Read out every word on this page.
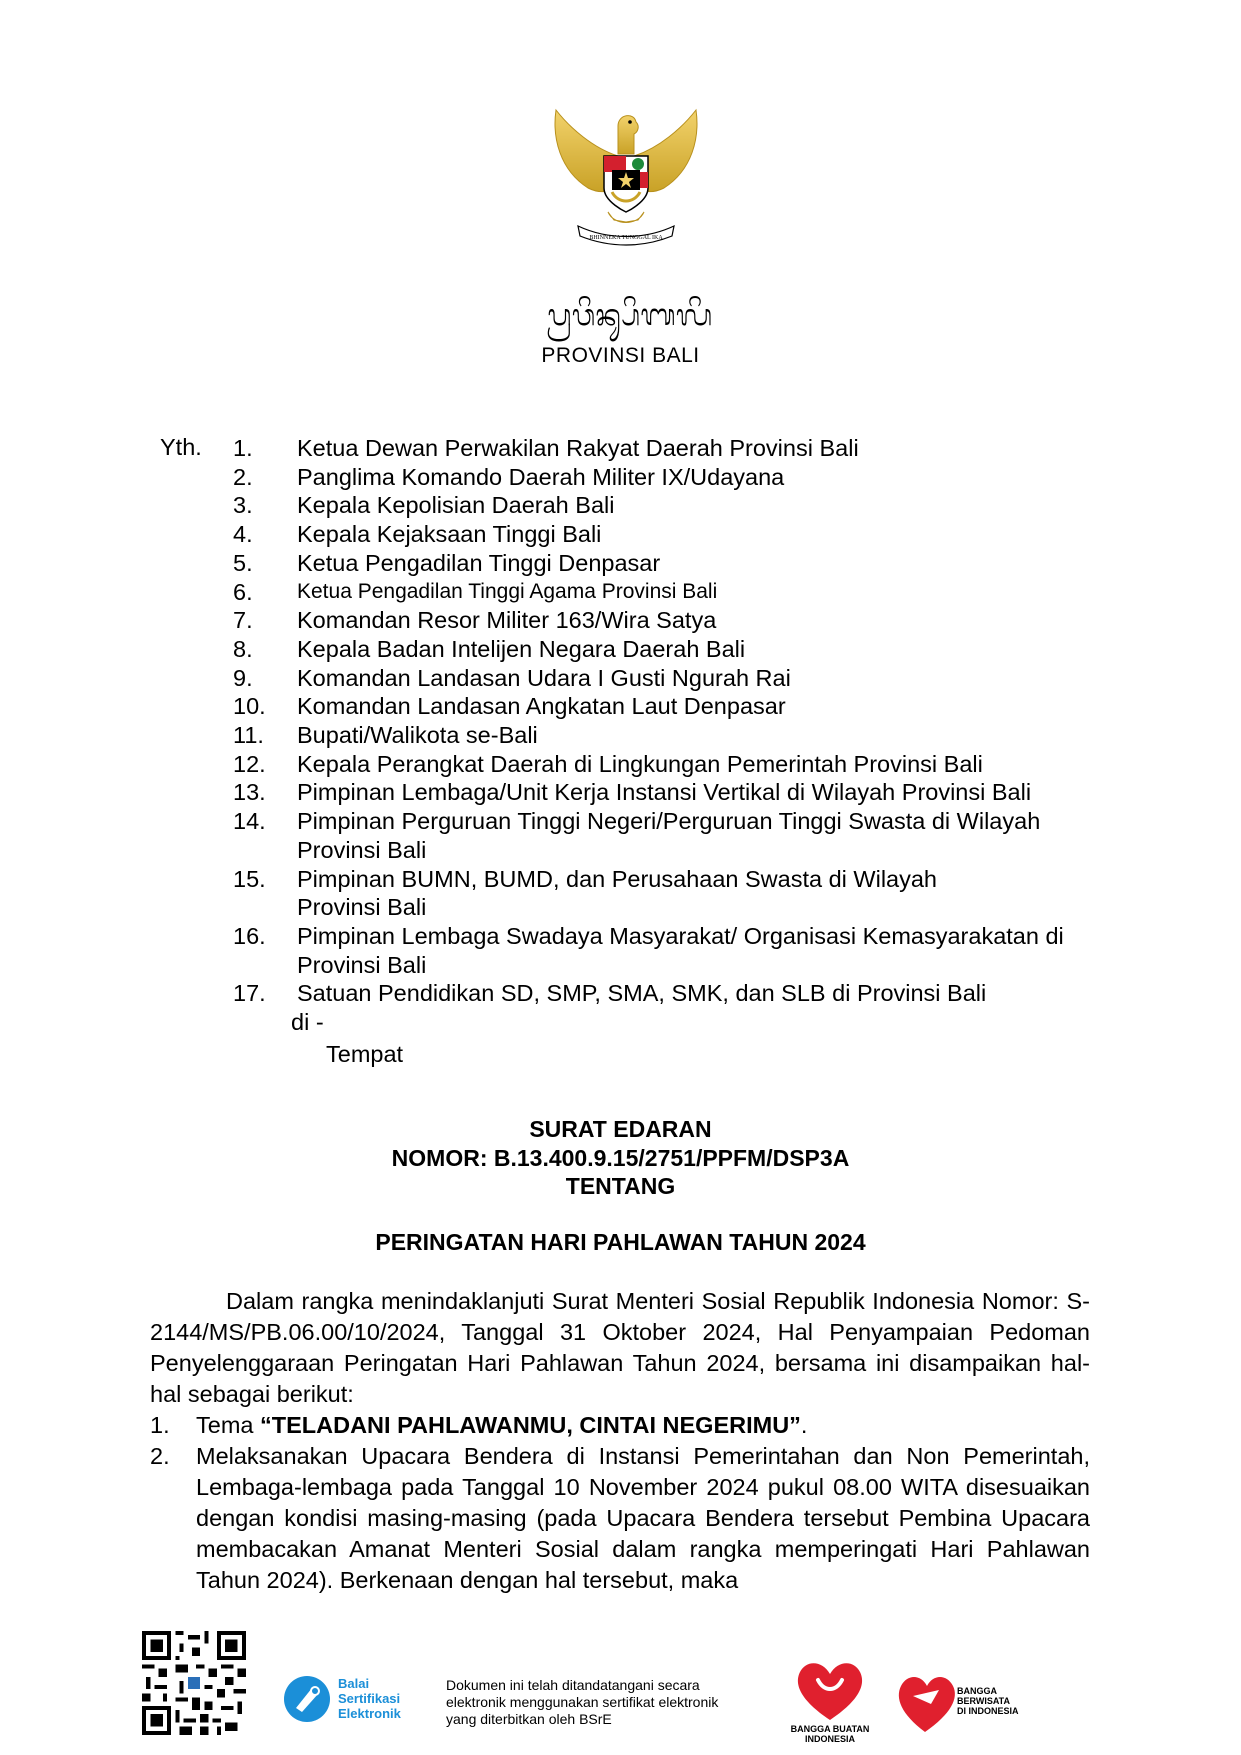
BHINNEKA TUNGGAL IKA
ᬧ᭄ᬭᬯᬶᬦ᭄ᬲᬶᬩᬮᬶ
PROVINSI BALI
Yth. 1.	Ketua Dewan Perwakilan Rakyat Daerah Provinsi Bali
2.	Panglima Komando Daerah Militer IX/Udayana
3.	Kepala Kepolisian Daerah Bali
4.	Kepala Kejaksaan Tinggi Bali
5.	Ketua Pengadilan Tinggi Denpasar
6.	Ketua Pengadilan Tinggi Agama Provinsi Bali
7.	Komandan Resor Militer 163/Wira Satya
8.	Kepala Badan Intelijen Negara Daerah Bali
9.	Komandan Landasan Udara I Gusti Ngurah Rai
10.	Komandan Landasan Angkatan Laut Denpasar
11.	Bupati/Walikota se-Bali
12.	Kepala Perangkat Daerah di Lingkungan Pemerintah Provinsi Bali
13.	Pimpinan Lembaga/Unit Kerja Instansi Vertikal di Wilayah Provinsi Bali
14.	Pimpinan Perguruan Tinggi Negeri/Perguruan Tinggi Swasta di Wilayah Provinsi Bali
15.	Pimpinan BUMN, BUMD, dan Perusahaan Swasta di Wilayah Provinsi Bali
16.	Pimpinan Lembaga Swadaya Masyarakat/ Organisasi Kemasyarakatan di Provinsi Bali
17.	Satuan Pendidikan SD, SMP, SMA, SMK, dan SLB di Provinsi Bali
di -
Tempat
SURAT EDARAN
NOMOR: B.13.400.9.15/2751/PPFM/DSP3A
TENTANG
PERINGATAN HARI PAHLAWAN TAHUN 2024

Dalam rangka menindaklanjuti Surat Menteri Sosial Republik Indonesia Nomor: S-2144/MS/PB.06.00/10/2024, Tanggal 31 Oktober 2024, Hal Penyampaian Pedoman Penyelenggaraan Peringatan Hari Pahlawan Tahun 2024, bersama ini disampaikan hal-hal sebagai berikut:

1.	Tema “TELADANI PAHLAWANMU, CINTAI NEGERIMU”.
2.	Melaksanakan Upacara Bendera di Instansi Pemerintahan dan Non Pemerintah, Lembaga-lembaga pada Tanggal 10 November 2024 pukul 08.00 WITA disesuaikan dengan kondisi masing-masing (pada Upacara Bendera tersebut Pembina Upacara membacakan Amanat Menteri Sosial dalam rangka memperingati Hari Pahlawan Tahun 2024). Berkenaan dengan hal tersebut, maka
Balai
Sertifikasi
Elektronik
Dokumen ini telah ditandatangani secara
elektronik menggunakan sertifikat elektronik
yang diterbitkan oleh BSrE
BANGGA BUATAN
INDONESIA
BANGGA
BERWISATA
DI INDONESIA
